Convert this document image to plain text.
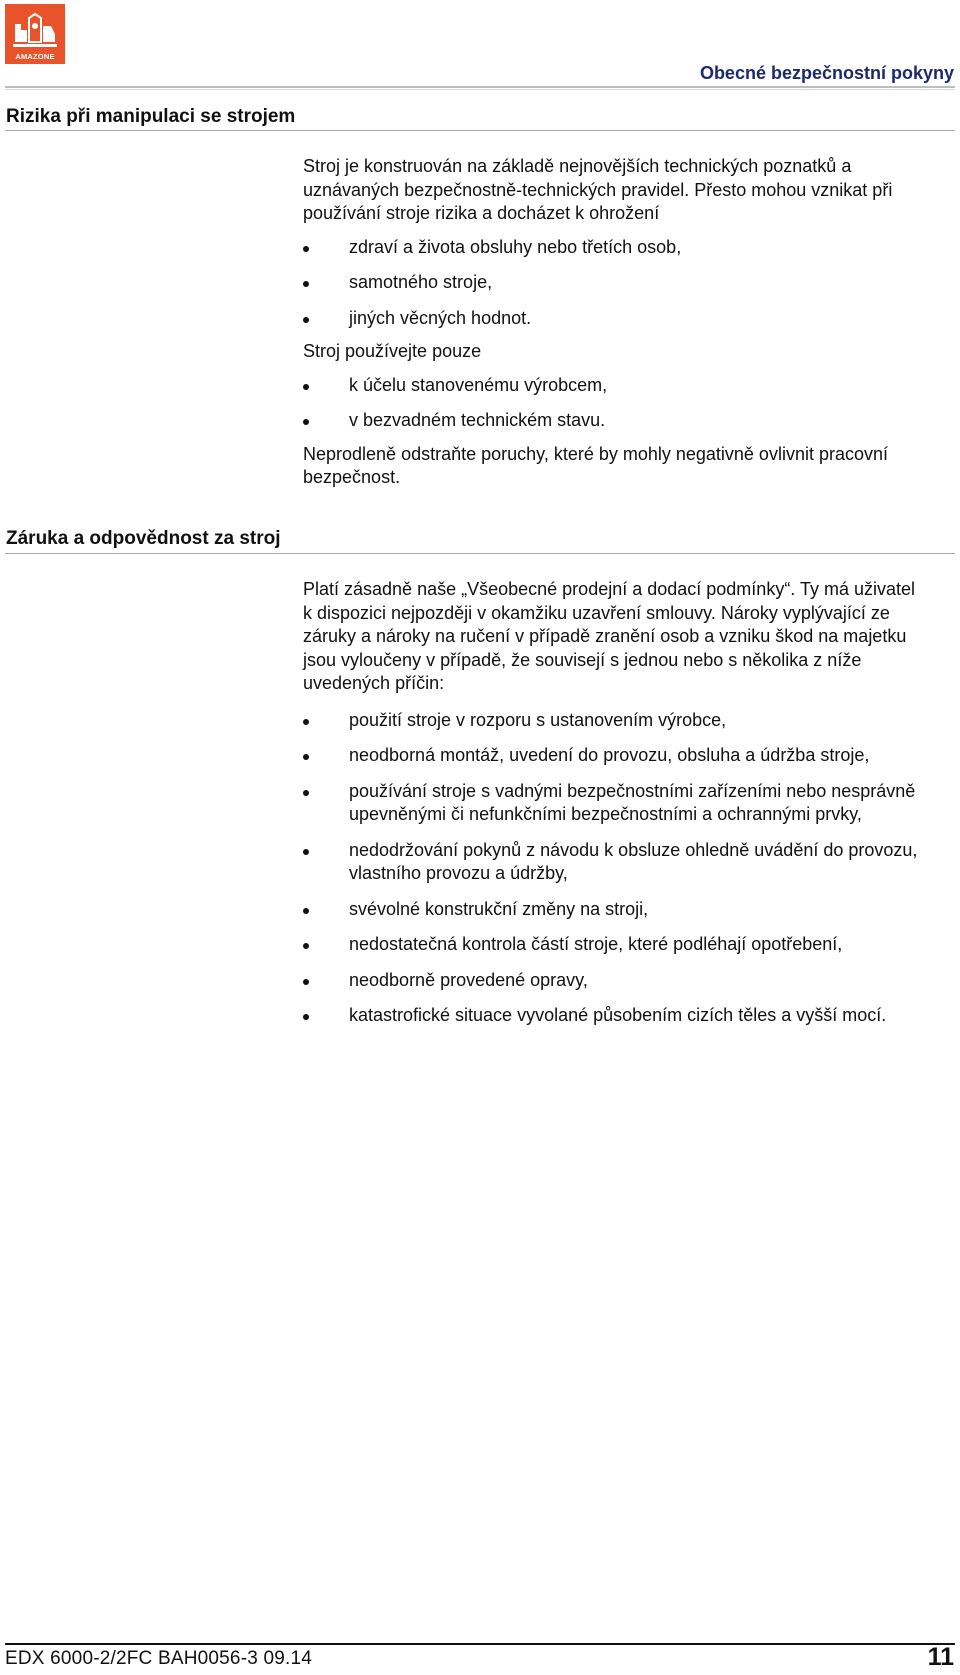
AMAZONE
Obecné bezpečnostní pokyny
Rizika při manipulaci se strojem

Stroj je konstruován na základě nejnovějších technických poznatků a uznávaných bezpečnostně-technických pravidel. Přesto mohou vznikat při používání stroje rizika a docházet k ohrožení

zdraví a života obsluhy nebo třetích osob,
samotného stroje,
jiných věcných hodnot.

Stroj používejte pouze

k účelu stanovenému výrobcem,
v bezvadném technickém stavu.

Neprodleně odstraňte poruchy, které by mohly negativně ovlivnit pracovní bezpečnost.

Záruka a odpovědnost za stroj

Platí zásadně naše „Všeobecné prodejní a dodací podmínky“. Ty má uživatel k dispozici nejpozději v okamžiku uzavření smlouvy. Nároky vyplývající ze záruky a nároky na ručení v případě zranění osob a vzniku škod na majetku jsou vyloučeny v případě, že souvisejí s jednou nebo s několika z níže uvedených příčin:

použití stroje v rozporu s ustanovením výrobce,
neodborná montáž, uvedení do provozu, obsluha a údržba stroje,
používání stroje s vadnými bezpečnostními zařízeními nebo nesprávně upevněnými či nefunkčními bezpečnostními a ochrannými prvky,
nedodržování pokynů z návodu k obsluze ohledně uvádění do provozu, vlastního provozu a údržby,
svévolné konstrukční změny na stroji,
nedostatečná kontrola částí stroje, které podléhají opotřebení,
neodborně provedené opravy,
katastrofické situace vyvolané působením cizích těles a vyšší mocí.
EDX 6000-2/2FC BAH0056-3 09.14	11
